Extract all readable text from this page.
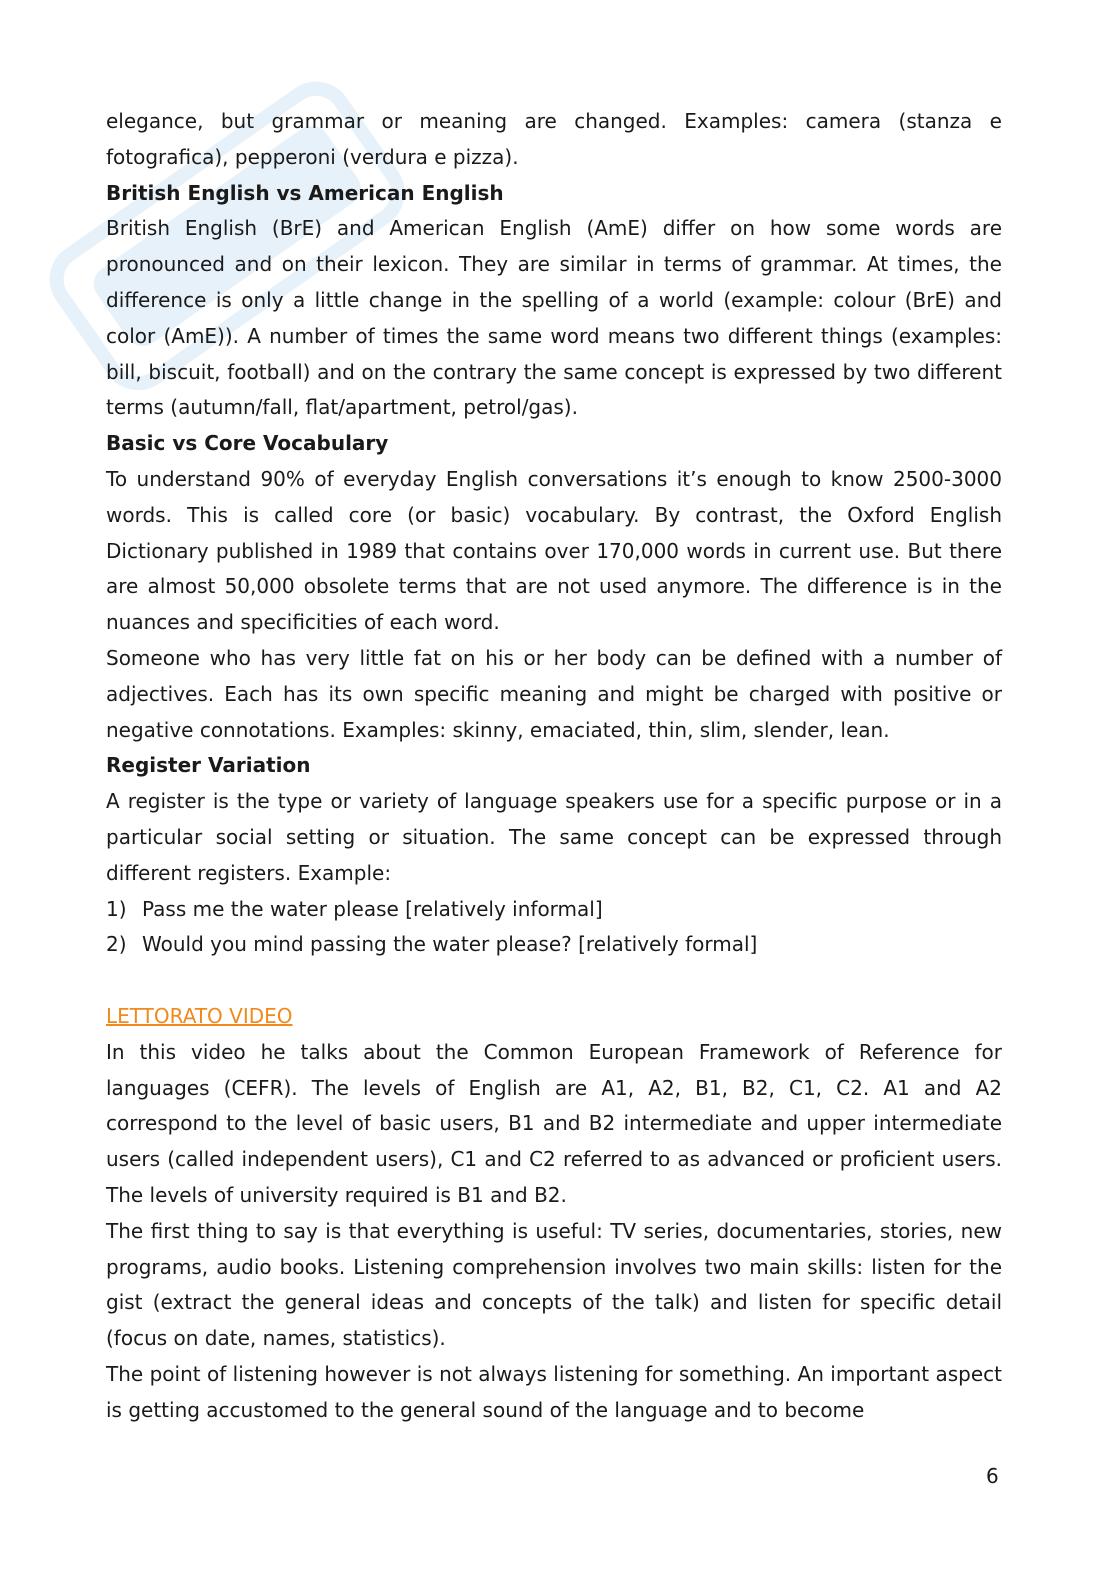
elegance, but grammar or meaning are changed. Examples: camera (stanza e fotografica), pepperoni (verdura e pizza).

British English vs American English

British English (BrE) and American English (AmE) differ on how some words are pronounced and on their lexicon. They are similar in terms of grammar. At times, the difference is only a little change in the spelling of a world (example: colour (BrE) and color (AmE)). A number of times the same word means two different things (examples: bill, biscuit, football) and on the contrary the same concept is expressed by two different terms (autumn/fall, flat/apartment, petrol/gas).

Basic vs Core Vocabulary

To understand 90% of everyday English conversations it’s enough to know 2500-3000 words. This is called core (or basic) vocabulary. By contrast, the Oxford English Dictionary published in 1989 that contains over 170,000 words in current use. But there are almost 50,000 obsolete terms that are not used anymore. The difference is in the nuances and specificities of each word.

Someone who has very little fat on his or her body can be defined with a number of adjectives. Each has its own specific meaning and might be charged with positive or negative connotations. Examples: skinny, emaciated, thin, slim, slender, lean.

Register Variation

A register is the type or variety of language speakers use for a specific purpose or in a particular social setting or situation. The same concept can be expressed through different registers. Example:

1) Pass me the water please [relatively informal]
2) Would you mind passing the water please? [relatively formal]

LETTORATO VIDEO

In this video he talks about the Common European Framework of Reference for languages (CEFR). The levels of English are A1, A2, B1, B2, C1, C2. A1 and A2 correspond to the level of basic users, B1 and B2 intermediate and upper intermediate users (called independent users), C1 and C2 referred to as advanced or proficient users. The levels of university required is B1 and B2.

The first thing to say is that everything is useful: TV series, documentaries, stories, new programs, audio books. Listening comprehension involves two main skills: listen for the gist (extract the general ideas and concepts of the talk) and listen for specific detail (focus on date, names, statistics).

The point of listening however is not always listening for something. An important aspect is getting accustomed to the general sound of the language and to become

6
